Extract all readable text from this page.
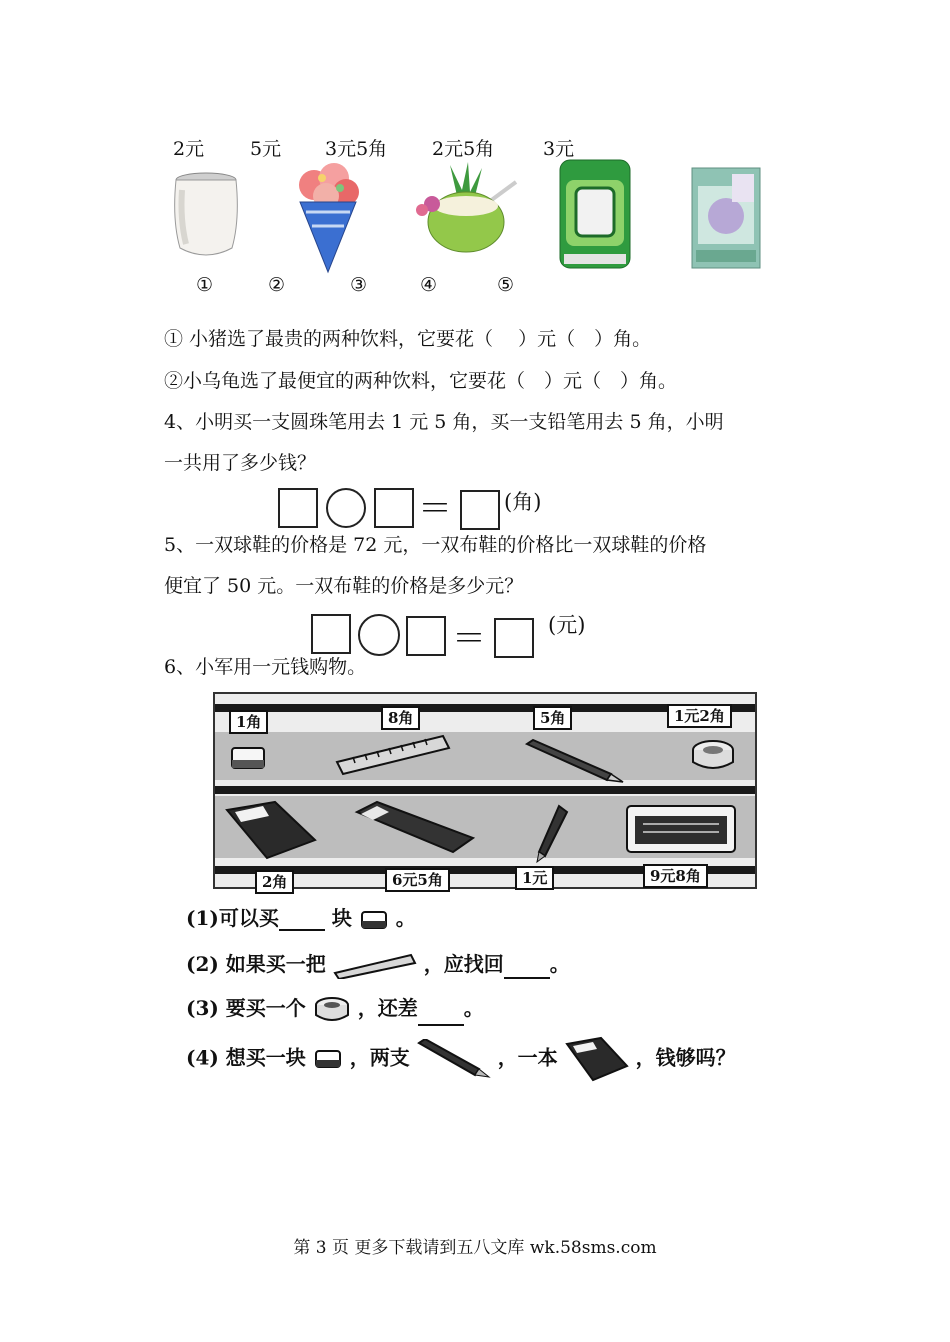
2元 5元 3元5角 2元5角	3元
①	②	③	④	⑤
① 小猪选了最贵的两种饮料，它要花（　 ）元（　）角。
②小乌龟选了最便宜的两种饮料，它要花（　）元（　）角。
4、小明买一支圆珠笔用去 1 元 5 角，买一支铅笔用去 5 角，小明
一共用了多少钱？
＝ (角)
5、一双球鞋的价格是 72 元，一双布鞋的价格比一双球鞋的价格
便宜了 50 元。一双布鞋的价格是多少元？
＝	(元)
6、小军用一元钱购物。
1角	8角	5角	1元2角
2角	6元5角	1元	9元8角
(1)可以买	块 。
(2) 如果买一把	，应找回 。
(3) 要买一个	，还差 。
(4) 想买一块 ，两支	，一本	，钱够吗？
第 3 页 更多下载请到五八文库 wk.58sms.com
